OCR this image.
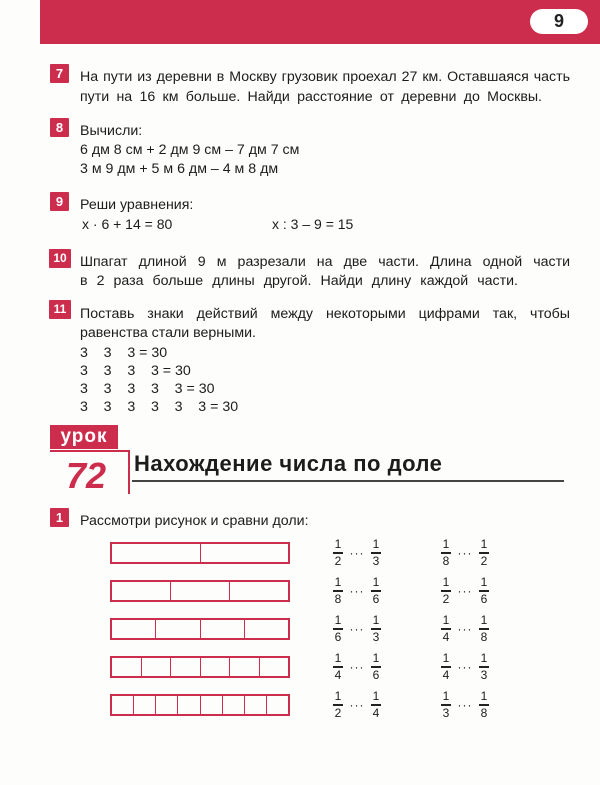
9
7	На пути из деревни в Москву грузовик проехал 27 км. Оставшаяся часть
пути на 16 км больше. Найди расстояние от деревни до Москвы.
8	Вычисли:
6 дм 8 см + 2 дм 9 см – 7 дм 7 см
3 м 9 дм + 5 м 6 дм – 4 м 8 дм
9	Реши уравнения:
x · 6 + 14 = 80	x : 3 – 9 = 15
10 Шпагат длиной 9 м разрезали на две части. Длина одной части
в 2 раза больше длины другой. Найди длину каждой части.
11 Поставь знаки действий между некоторыми цифрами так, чтобы
равенства стали верными.
3    3    3 = 30
3    3    3    3 = 30
3    3    3    3    3 = 30
3    3    3    3    3    3 = 30
урок
72	Нахождение числа по доле
1	Рассмотри рисунок и сравни доли:
$\frac{1}{2}$ ··· $\frac{1}{3}$	$\frac{1}{8}$ ··· $\frac{1}{2}$
$\frac{1}{8}$ ··· $\frac{1}{6}$	$\frac{1}{2}$ ··· $\frac{1}{6}$
$\frac{1}{6}$ ··· $\frac{1}{3}$	$\frac{1}{4}$ ··· $\frac{1}{8}$
$\frac{1}{4}$ ··· $\frac{1}{6}$	$\frac{1}{4}$ ··· $\frac{1}{3}$
$\frac{1}{2}$ ··· $\frac{1}{4}$	$\frac{1}{3}$ ··· $\frac{1}{8}$
